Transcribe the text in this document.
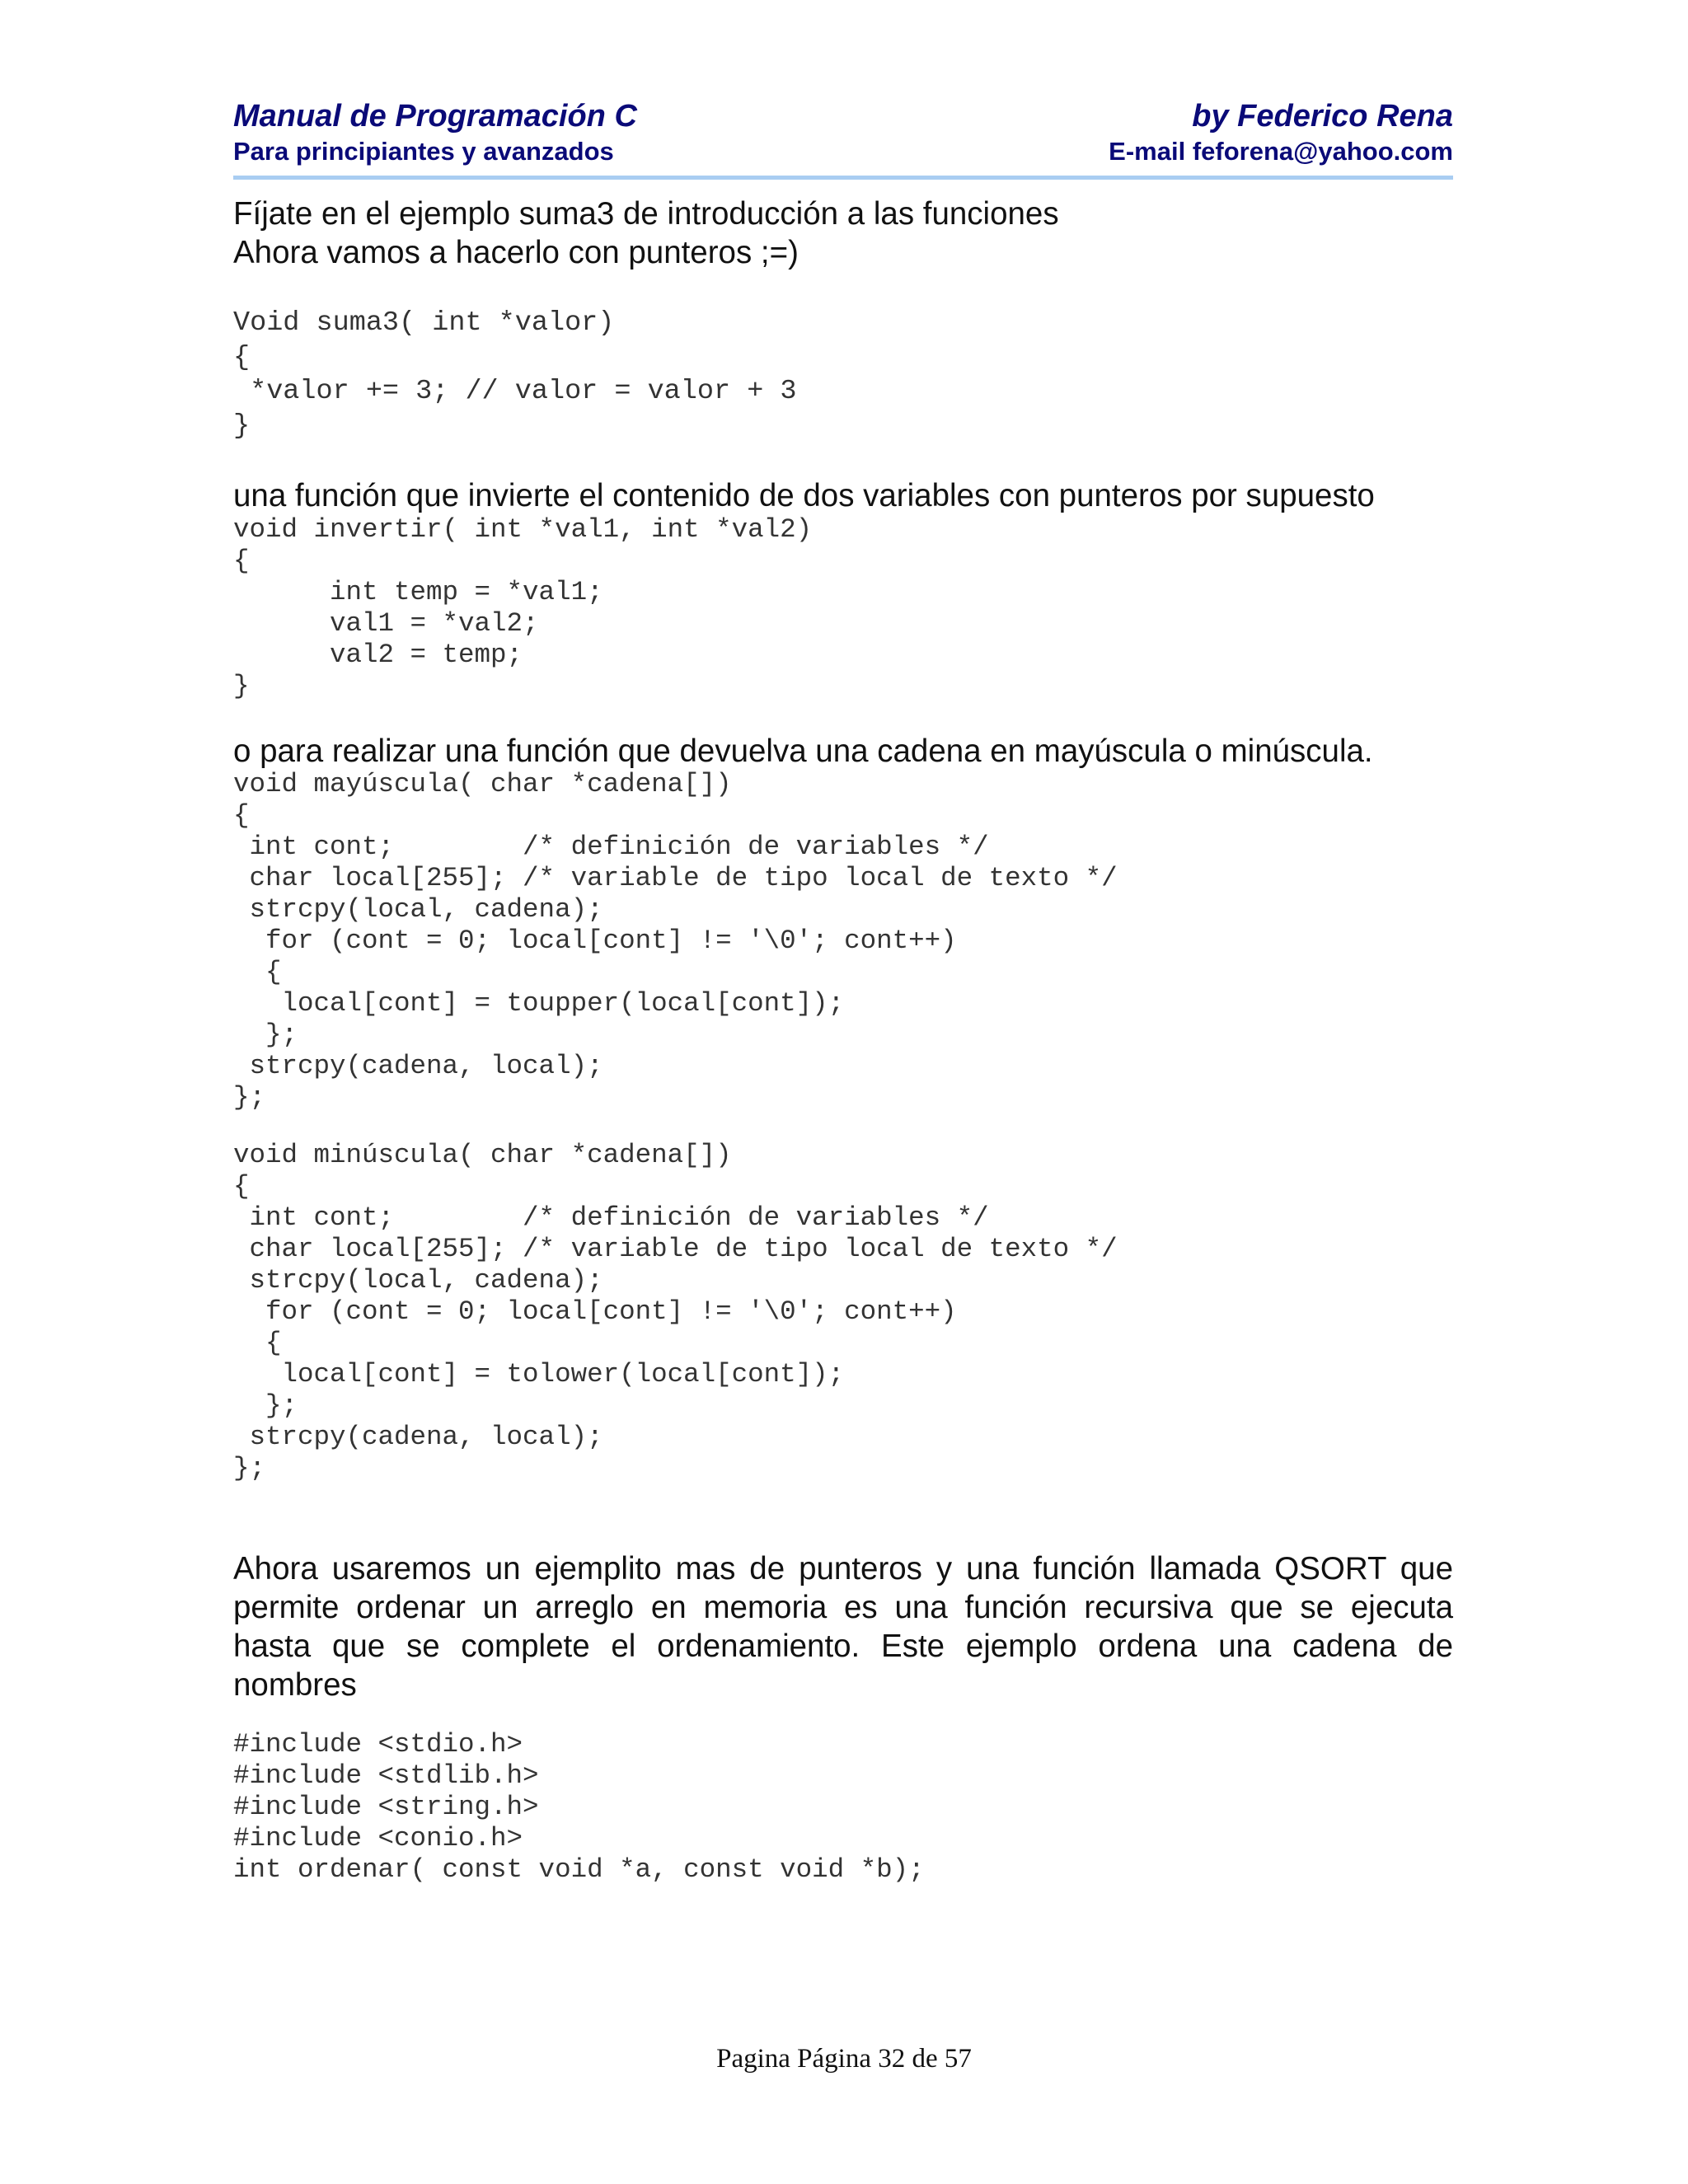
Manual de Programación C
Para principiantes y avanzados
by Federico Rena
E-mail feforena@yahoo.com
Fíjate en el ejemplo suma3 de introducción a las funciones
Ahora vamos a hacerlo con punteros ;=)
Void suma3( int *valor)
{
*valor += 3; // valor = valor + 3
}
una función que invierte el contenido de dos variables con punteros por supuesto
void invertir( int *val1, int *val2)
{
int temp = *val1;
val1 = *val2;
val2 = temp;
}
o para realizar una función que devuelva una cadena en mayúscula o minúscula.
void mayúscula( char *cadena[])
{
int cont;        /* definición de variables */
char local[255]; /* variable de tipo local de texto */
strcpy(local, cadena);
for (cont = 0; local[cont] != '\0'; cont++)
{
local[cont] = toupper(local[cont]);
};
strcpy(cadena, local);
};
void minúscula( char *cadena[])
{
int cont;        /* definición de variables */
char local[255]; /* variable de tipo local de texto */
strcpy(local, cadena);
for (cont = 0; local[cont] != '\0'; cont++)
{
local[cont] = tolower(local[cont]);
};
strcpy(cadena, local);
};
Ahora usaremos un ejemplito mas de punteros y una función llamada QSORT que
permite ordenar un arreglo en memoria es una función recursiva que se ejecuta
hasta que se complete el ordenamiento. Este ejemplo ordena una cadena de
nombres
#include <stdio.h>
#include <stdlib.h>
#include <string.h>
#include <conio.h>
int ordenar( const void *a, const void *b);
Pagina Página 32 de 57
